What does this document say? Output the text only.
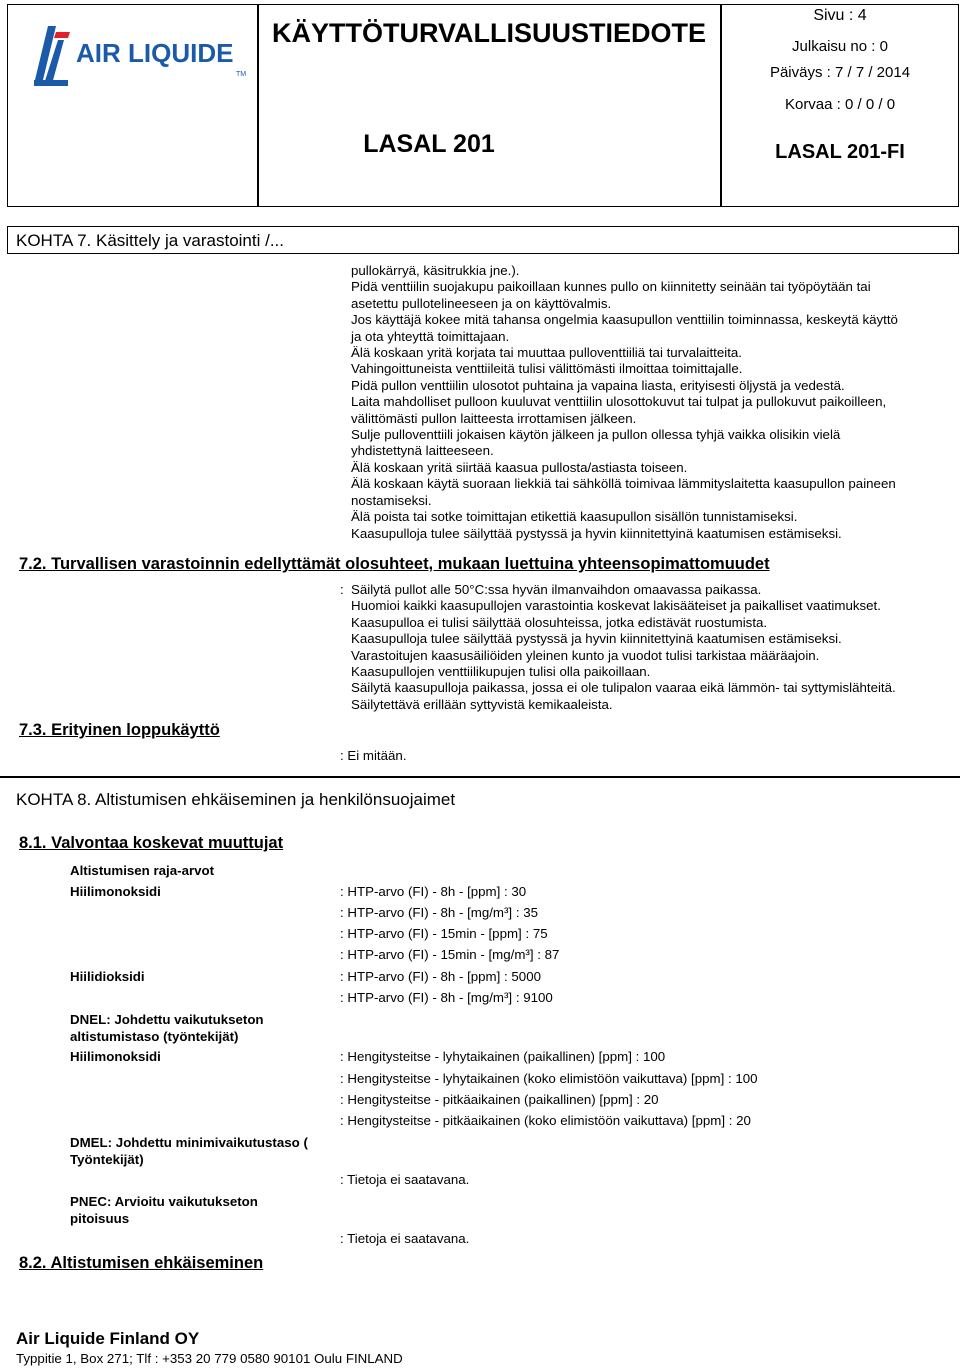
AIR LIQUIDE
TM
KÄYTTÖTURVALLISUUSTIEDOTE
LASAL 201
Sivu : 4
Julkaisu no : 0
Päiväys : 7 / 7 / 2014
Korvaa : 0 / 0 / 0
LASAL 201-FI
KOHTA 7. Käsittely ja varastointi /...
pullokärryä, käsitrukkia jne.).
Pidä venttiilin suojakupu paikoillaan kunnes pullo on kiinnitetty seinään tai työpöytään tai
asetettu pullotelineeseen ja on käyttövalmis.
Jos käyttäjä kokee mitä tahansa ongelmia kaasupullon venttiilin toiminnassa, keskeytä käyttö
ja ota yhteyttä toimittajaan.
Älä koskaan yritä korjata tai muuttaa pulloventtiiliä tai turvalaitteita.
Vahingoittuneista venttiileitä tulisi välittömästi ilmoittaa toimittajalle.
Pidä pullon venttiilin ulosotot puhtaina ja vapaina liasta, erityisesti öljystä ja vedestä.
Laita mahdolliset pulloon kuuluvat venttiilin ulosottokuvut tai tulpat ja pullokuvut paikoilleen,
välittömästi pullon laitteesta irrottamisen jälkeen.
Sulje pulloventtiili jokaisen käytön jälkeen ja pullon ollessa tyhjä vaikka olisikin vielä
yhdistettynä laitteeseen.
Älä koskaan yritä siirtää kaasua pullosta/astiasta toiseen.
Älä koskaan käytä suoraan liekkiä tai sähköllä toimivaa lämmityslaitetta kaasupullon paineen
nostamiseksi.
Älä poista tai sotke toimittajan etikettiä kaasupullon sisällön tunnistamiseksi.
Kaasupulloja tulee säilyttää pystyssä ja hyvin kiinnitettyinä kaatumisen estämiseksi.
7.2. Turvallisen varastoinnin edellyttämät olosuhteet, mukaan luettuina yhteensopimattomuudet
: Säilytä pullot alle 50°C:ssa hyvän ilmanvaihdon omaavassa paikassa.
Huomioi kaikki kaasupullojen varastointia koskevat lakisääteiset ja paikalliset vaatimukset.
Kaasupulloa ei tulisi säilyttää olosuhteissa, jotka edistävät ruostumista.
Kaasupulloja tulee säilyttää pystyssä ja hyvin kiinnitettyinä kaatumisen estämiseksi.
Varastoitujen kaasusäiliöiden yleinen kunto ja vuodot tulisi tarkistaa määräajoin.
Kaasupullojen venttiilikupujen tulisi olla paikoillaan.
Säilytä kaasupulloja paikassa, jossa ei ole tulipalon vaaraa eikä lämmön- tai syttymislähteitä.
Säilytettävä erillään syttyvistä kemikaaleista.
7.3. Erityinen loppukäyttö
: Ei mitään.
KOHTA 8. Altistumisen ehkäiseminen ja henkilönsuojaimet
8.1. Valvontaa koskevat muuttujat
Altistumisen raja-arvot
Hiilimonoksidi	: HTP-arvo (FI) - 8h - [ppm] : 30
: HTP-arvo (FI) - 8h - [mg/m³] : 35
: HTP-arvo (FI) - 15min - [ppm] : 75
: HTP-arvo (FI) - 15min - [mg/m³] : 87
Hiilidioksidi	: HTP-arvo (FI) - 8h - [ppm] : 5000
: HTP-arvo (FI) - 8h - [mg/m³] : 9100
DNEL: Johdettu vaikutukseton
altistumistaso (työntekijät)
Hiilimonoksidi	: Hengitysteitse - lyhytaikainen (paikallinen) [ppm] : 100
: Hengitysteitse - lyhytaikainen (koko elimistöön vaikuttava) [ppm] : 100
: Hengitysteitse - pitkäaikainen (paikallinen) [ppm] : 20
: Hengitysteitse - pitkäaikainen (koko elimistöön vaikuttava) [ppm] : 20
DMEL: Johdettu minimivaikutustaso (
Työntekijät)
: Tietoja ei saatavana.
PNEC: Arvioitu vaikutukseton
pitoisuus
: Tietoja ei saatavana.
8.2. Altistumisen ehkäiseminen
Air Liquide Finland OY
Typpitie 1, Box 271; Tlf : +353 20 779 0580 90101 Oulu FINLAND
